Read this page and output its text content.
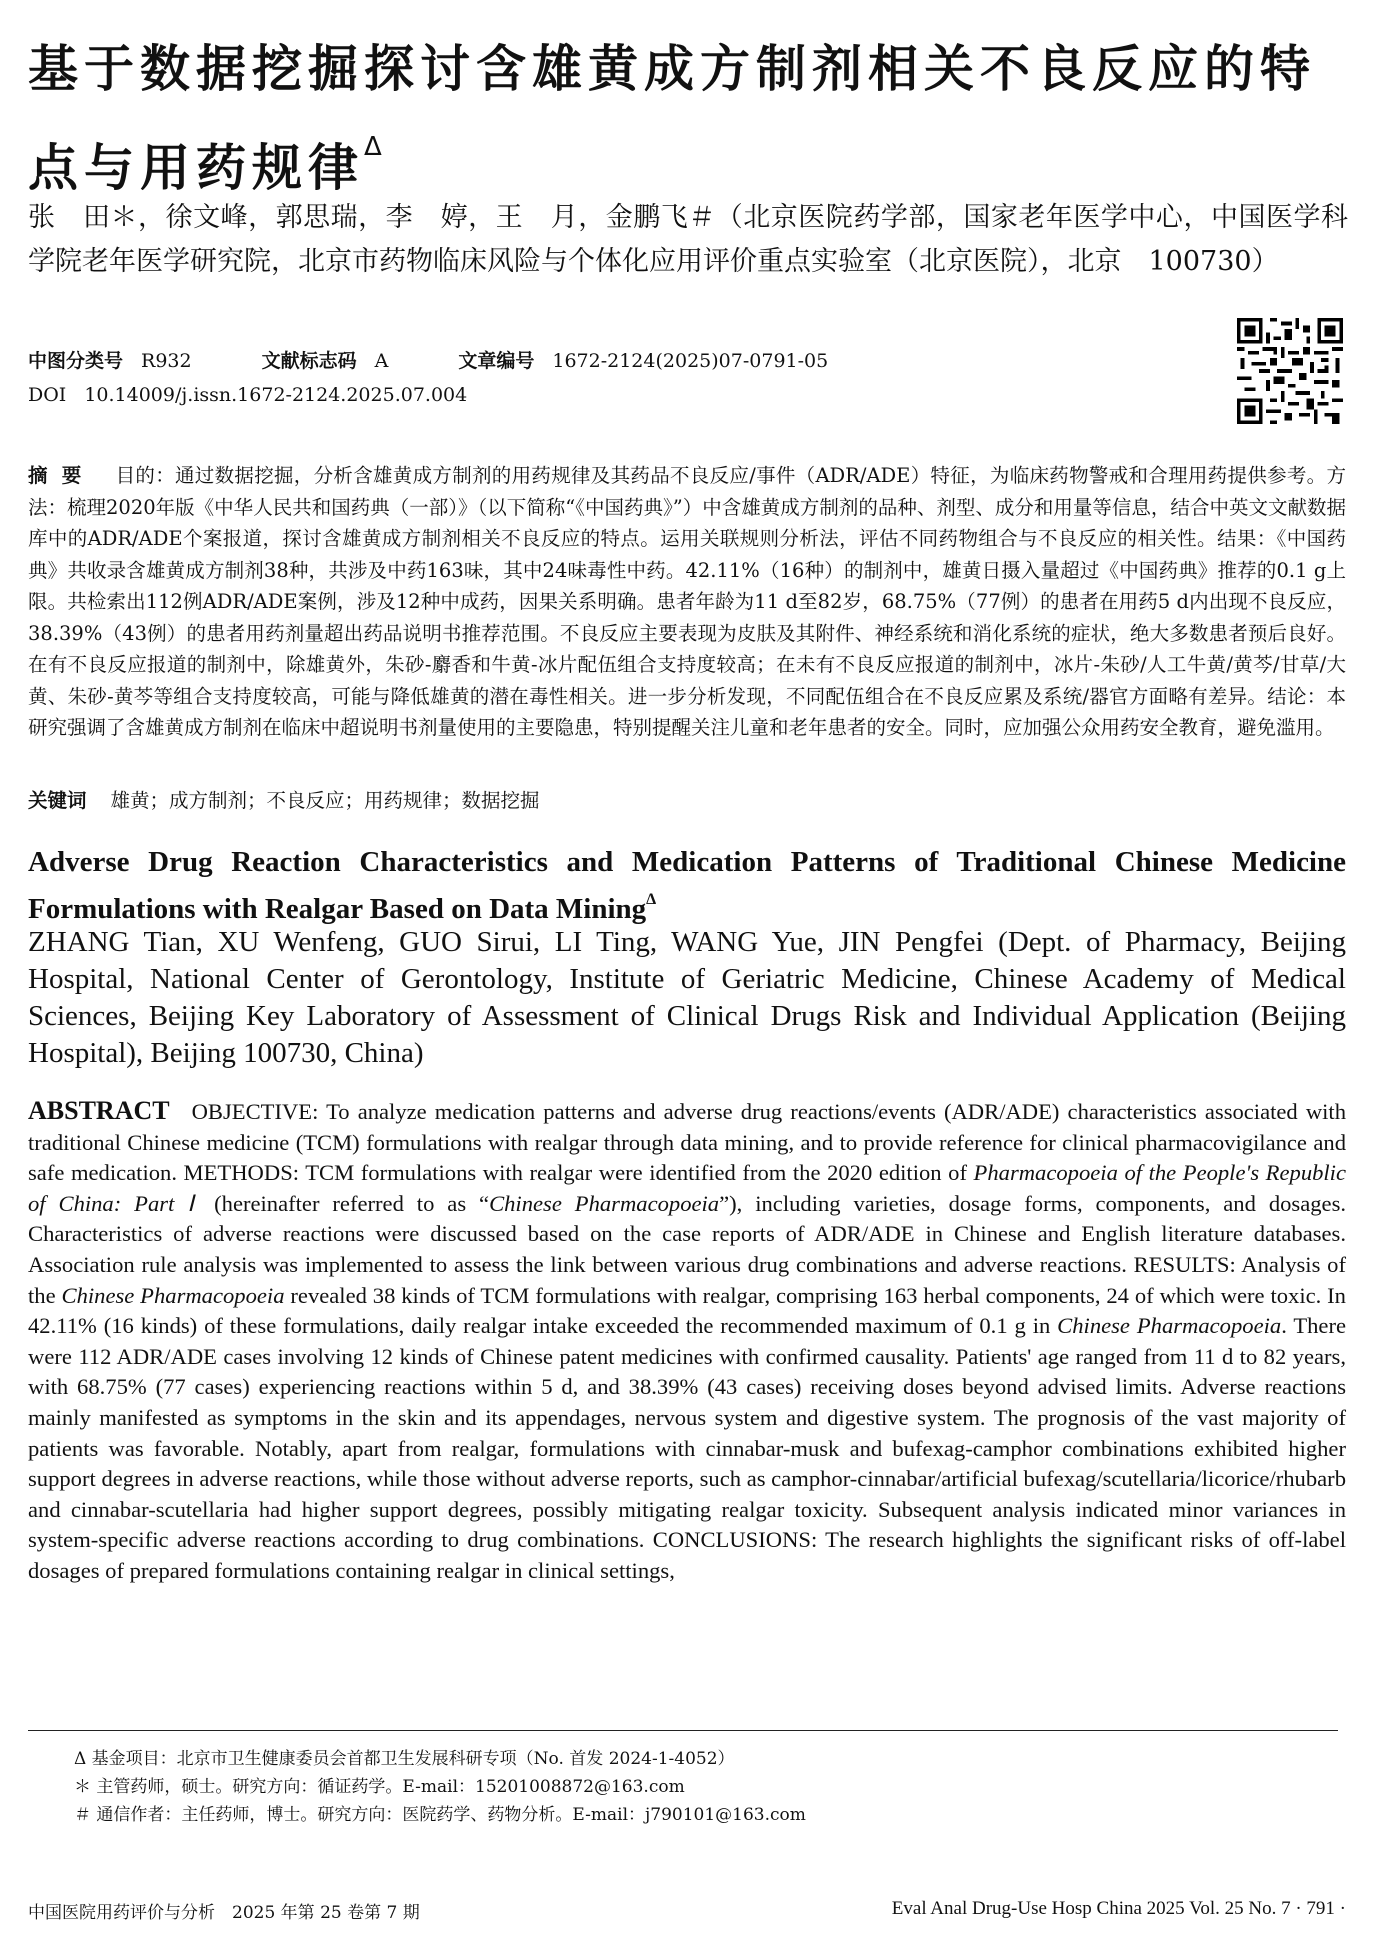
基于数据挖掘探讨含雄黄成方制剂相关不良反应的特点与用药规律$^\Delta$
张　田＊，徐文峰，郭思瑞，李　婷，王　月，金鹏飞＃（北京医院药学部，国家老年医学中心，中国医学科学院老年医学研究院，北京市药物临床风险与个体化应用评价重点实验室（北京医院），北京　100730）
中图分类号 R932	文献标志码 A	文章编号 1672-2124(2025)07-0791-05
DOI 10.14009/j.issn.1672-2124.2025.07.004
摘要 目的：通过数据挖掘，分析含雄黄成方制剂的用药规律及其药品不良反应/事件（ADR/ADE）特征，为临床药物警戒和合理用药提供参考。方法：梳理2020年版《中华人民共和国药典（一部）》（以下简称“《中国药典》”）中含雄黄成方制剂的品种、剂型、成分和用量等信息，结合中英文文献数据库中的ADR/ADE个案报道，探讨含雄黄成方制剂相关不良反应的特点。运用关联规则分析法，评估不同药物组合与不良反应的相关性。结果：《中国药典》共收录含雄黄成方制剂38种，共涉及中药163味，其中24味毒性中药。42.11%（16种）的制剂中，雄黄日摄入量超过《中国药典》推荐的0.1 g上限。共检索出112例ADR/ADE案例，涉及12种中成药，因果关系明确。患者年龄为11 d至82岁，68.75%（77例）的患者在用药5 d内出现不良反应，38.39%（43例）的患者用药剂量超出药品说明书推荐范围。不良反应主要表现为皮肤及其附件、神经系统和消化系统的症状，绝大多数患者预后良好。在有不良反应报道的制剂中，除雄黄外，朱砂-麝香和牛黄-冰片配伍组合支持度较高；在未有不良反应报道的制剂中，冰片-朱砂/人工牛黄/黄芩/甘草/大黄、朱砂-黄芩等组合支持度较高，可能与降低雄黄的潜在毒性相关。进一步分析发现，不同配伍组合在不良反应累及系统/器官方面略有差异。结论：本研究强调了含雄黄成方制剂在临床中超说明书剂量使用的主要隐患，特别提醒关注儿童和老年患者的安全。同时，应加强公众用药安全教育，避免滥用。
关键词 雄黄；成方制剂；不良反应；用药规律；数据挖掘
Adverse Drug Reaction Characteristics and Medication Patterns of Traditional Chinese Medicine Formulations with Realgar Based on Data Mining$^\Delta$
ZHANG Tian, XU Wenfeng, GUO Sirui, LI Ting, WANG Yue, JIN Pengfei (Dept. of Pharmacy, Beijing Hospital, National Center of Gerontology, Institute of Geriatric Medicine, Chinese Academy of Medical Sciences, Beijing Key Laboratory of Assessment of Clinical Drugs Risk and Individual Application (Beijing Hospital), Beijing 100730, China)
ABSTRACT OBJECTIVE: To analyze medication patterns and adverse drug reactions/events (ADR/ADE) characteristics associated with traditional Chinese medicine (TCM) formulations with realgar through data mining, and to provide reference for clinical pharmacovigilance and safe medication. METHODS: TCM formulations with realgar were identified from the 2020 edition of Pharmacopoeia of the People's Republic of China: Part Ⅰ (hereinafter referred to as “Chinese Pharmacopoeia”), including varieties, dosage forms, components, and dosages. Characteristics of adverse reactions were discussed based on the case reports of ADR/ADE in Chinese and English literature databases. Association rule analysis was implemented to assess the link between various drug combinations and adverse reactions. RESULTS: Analysis of the Chinese Pharmacopoeia revealed 38 kinds of TCM formulations with realgar, comprising 163 herbal components, 24 of which were toxic. In 42.11% (16 kinds) of these formulations, daily realgar intake exceeded the recommended maximum of 0.1 g in Chinese Pharmacopoeia. There were 112 ADR/ADE cases involving 12 kinds of Chinese patent medicines with confirmed causality. Patients' age ranged from 11 d to 82 years, with 68.75% (77 cases) experiencing reactions within 5 d, and 38.39% (43 cases) receiving doses beyond advised limits. Adverse reactions mainly manifested as symptoms in the skin and its appendages, nervous system and digestive system. The prognosis of the vast majority of patients was favorable. Notably, apart from realgar, formulations with cinnabar-musk and bufexag-camphor combinations exhibited higher support degrees in adverse reactions, while those without adverse reports, such as camphor-cinnabar/artificial bufexag/scutellaria/licorice/rhubarb and cinnabar-scutellaria had higher support degrees, possibly mitigating realgar toxicity. Subsequent analysis indicated minor variances in system-specific adverse reactions according to drug combinations. CONCLUSIONS: The research highlights the significant risks of off-label dosages of prepared formulations containing realgar in clinical settings,
Δ 基金项目：北京市卫生健康委员会首都卫生发展科研专项（No. 首发 2024-1-4052）
＊ 主管药师，硕士。研究方向：循证药学。E-mail：15201008872@163.com
＃ 通信作者：主任药师，博士。研究方向：医院药学、药物分析。E-mail：j790101@163.com
中国医院用药评价与分析　2025 年第 25 卷第 7 期	Eval Anal Drug-Use Hosp China 2025 Vol. 25 No. 7 · 791 ·
